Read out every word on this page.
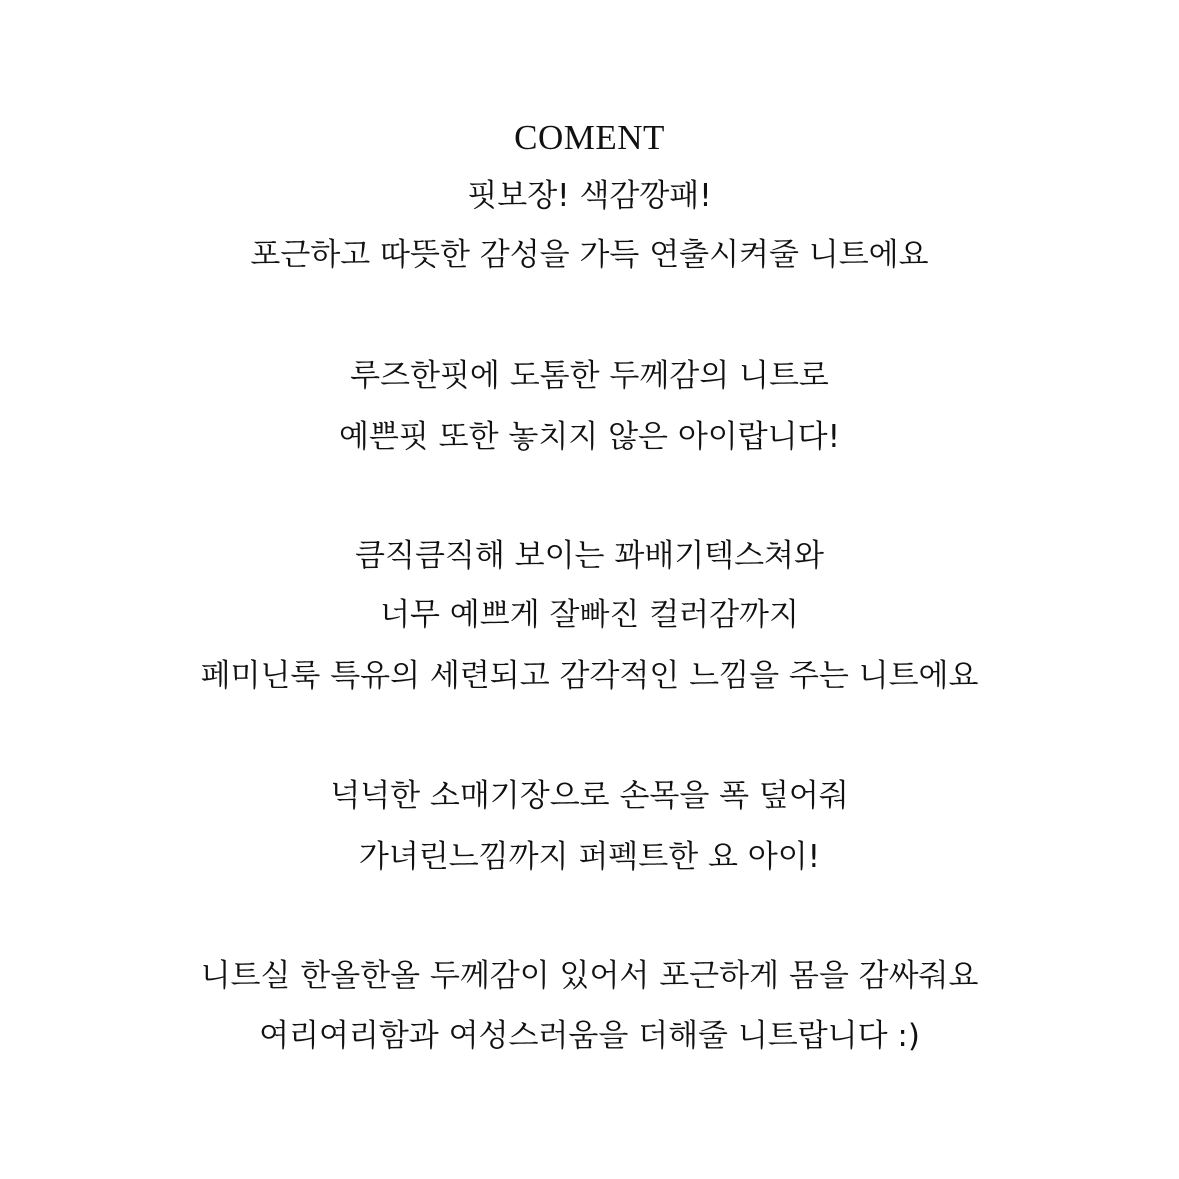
COMENT
핏보장! 색감깡패!
포근하고 따뜻한 감성을 가득 연출시켜줄 니트에요
루즈한핏에 도톰한 두께감의 니트로
예쁜핏 또한 놓치지 않은 아이랍니다!
큼직큼직해 보이는 꽈배기텍스쳐와
너무 예쁘게 잘빠진 컬러감까지
페미닌룩 특유의 세련되고 감각적인 느낌을 주는 니트에요
넉넉한 소매기장으로 손목을 폭 덮어줘
가녀린느낌까지 퍼펙트한 요 아이!
니트실 한올한올 두께감이 있어서 포근하게 몸을 감싸줘요
여리여리함과 여성스러움을 더해줄 니트랍니다 :)
